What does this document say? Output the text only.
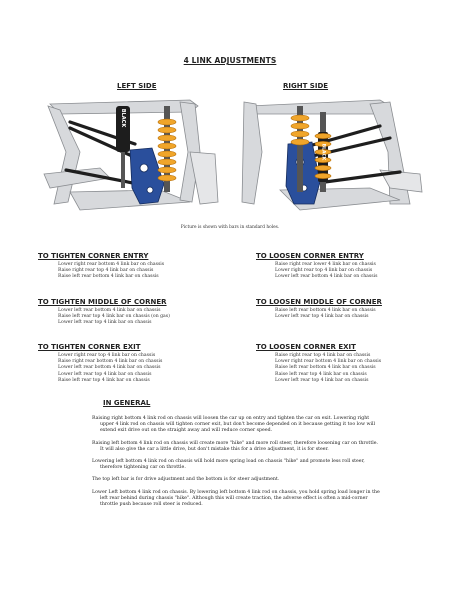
4 LINK ADJUSTMENTS
LEFT SIDE	RIGHT SIDE
BLACK
BLACK
Picture is shown with bars in standard holes.
TO TIGHTEN CORNER ENTRY
Lower right rear bottom 4 link bar on chassis
Raise right rear top 4 link bar on chassis
Raise left rear bottom 4 link bar on chassis
TO LOOSEN CORNER ENTRY
Raise right rear lower 4 link bar on chassis
Lower right rear top 4 link bar on chassis
Lower left rear bottom 4 link bar on chassis
TO TIGHTEN MIDDLE OF CORNER
Lower left rear bottom 4 link bar on chassis
Raise left rear top 4 link bar on chassis (on gas)
Lower left rear top 4 link bar on chassis
TO LOOSEN MIDDLE OF CORNER
Raise left rear bottom 4 link bar on chassis
Lower left rear top 4 link bar on chassis
TO TIGHTEN CORNER EXIT
Lower right rear top 4 link bar on chassis
Raise right rear bottom 4 link bar on chassis
Lower left rear bottom 4 link bar on chassis
Lower left rear top 4 link bar on chassis
Raise left rear top 4 link bar on chassis
TO LOOSEN CORNER EXIT
Raise right rear top 4 link bar on chassis
Lower right rear bottom 4 link bar on chassis
Raise left rear bottom 4 link bar on chassis
Raise left rear top 4 link bar on chassis
Lower left rear top 4 link bar on chassis
IN GENERAL

Raising right bottom 4 link rod on chassis will loosen the car up on entry and tighten the car on exit. Lowering right upper 4 link rod on chassis will tighten corner exit, but don't become depended on it because getting it too low will extend exit drive out on the straight away and will reduce corner speed.

Raising left bottom 4 link rod on chassis will create more "hike" and more roll steer, therefore loosening car on throttle. It will also give the car a little drive, but don't mistake this for a drive adjustment, it is for steer.

Lowering left bottom 4 link rod on chassis will hold more spring load on chassis "hike" and promote less roll steer, therefore tightening car on throttle.

The top left bar is for drive adjustment and the bottom is for steer adjustment.

Lower Left bottom 4 link rod on chassis. By lowering left bottom 4 link rod on chassis, you hold spring load longer in the left rear behind during chassis "hike". Although this will create traction, the adverse effect is often a mid-corner throttle push because roll steer is reduced.
